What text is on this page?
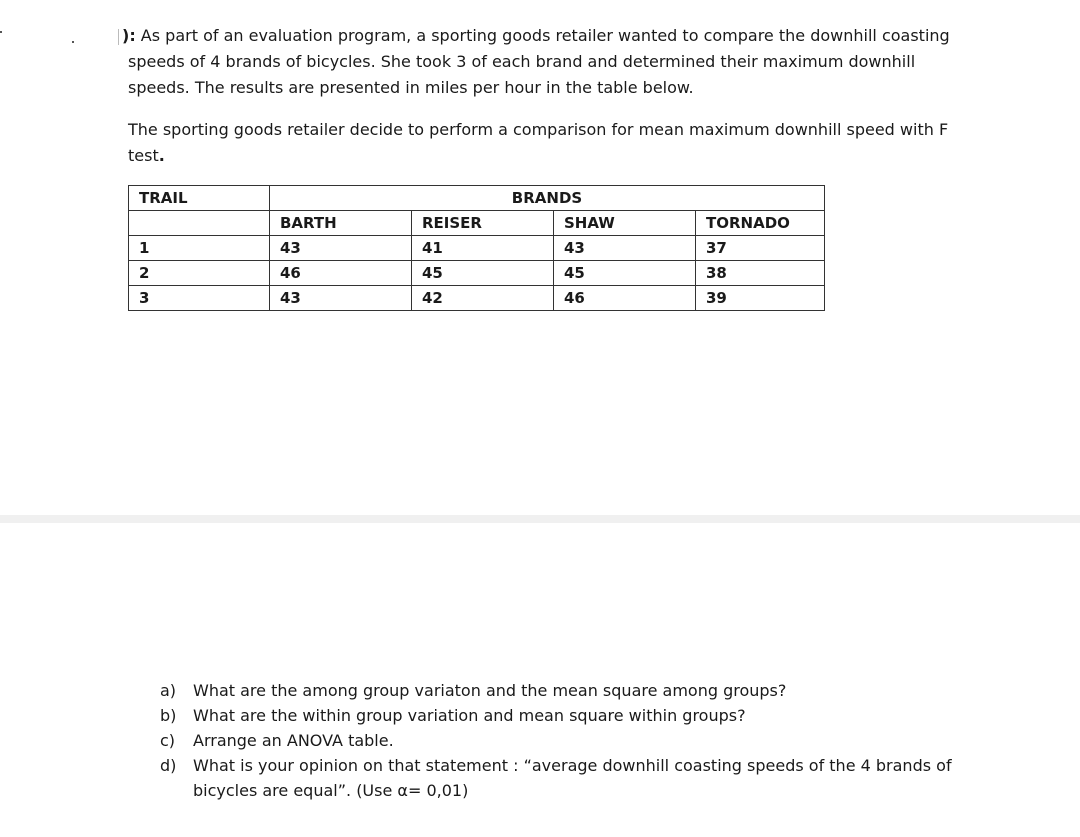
): As part of an evaluation program, a sporting goods retailer wanted to compare the downhill coasting speeds of 4 brands of bicycles. She took 3 of each brand and determined their maximum downhill speeds. The results are presented in miles per hour in the table below.

The sporting goods retailer decide to perform a comparison for mean maximum downhill speed with F test.

TRAIL	BRANDS			
	BARTH	REISER	SHAW	TORNADO
1	43	41	43	37
2	46	45	45	38
3	43	42	46	39
a)	What are the among group variaton and the mean square among groups?
b)	What are the within group variation and mean square within groups?
c)	Arrange an ANOVA table.
d)	What is your opinion on that statement : “average downhill coasting speeds of the 4 brands of bicycles are equal”. (Use α= 0,01)
